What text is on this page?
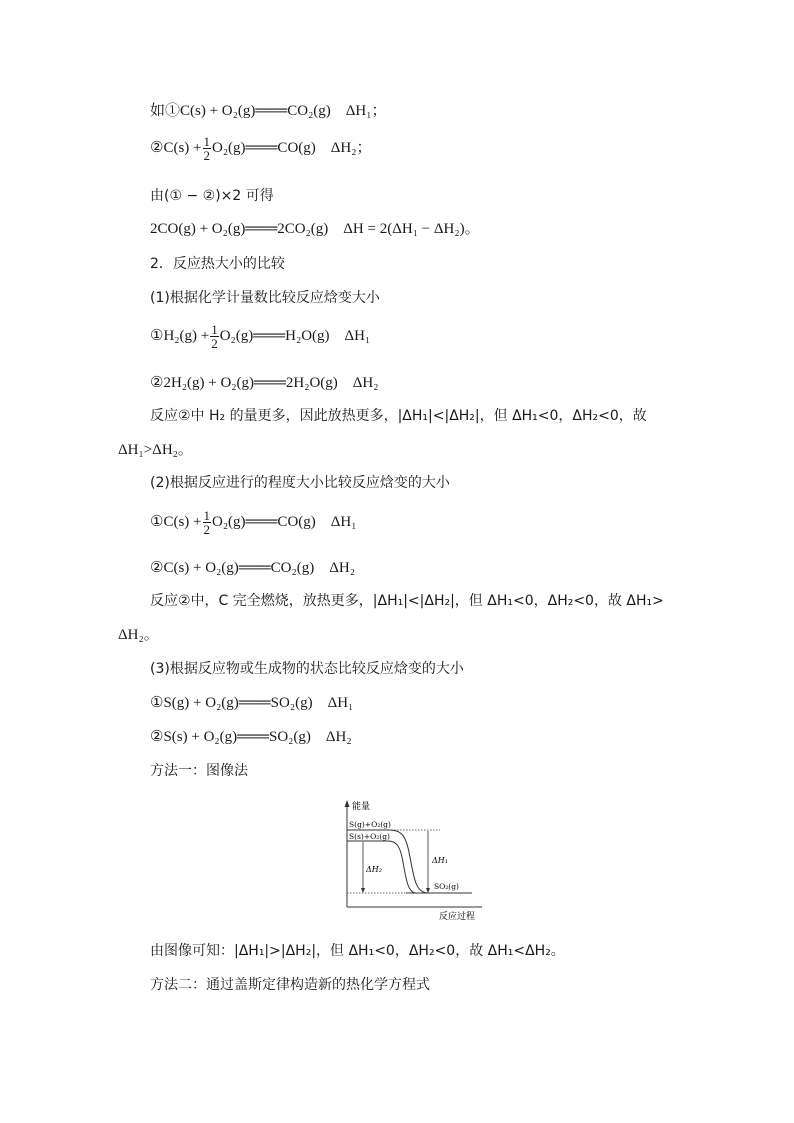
如①C(s) + O₂(g)═══CO₂(g)　ΔH₁；
②C(s) + $\frac{1}{2}$ O₂(g)═══CO(g)　ΔH₂；
由(① − ②)×2 可得
2CO(g) + O₂(g)═══2CO₂(g)　ΔH = 2(ΔH₁ − ΔH₂)。
2．反应热大小的比较
(1)根据化学计量数比较反应焓变大小
①H₂(g) + $\frac{1}{2}$ O₂(g)═══H₂O(g)　ΔH₁
②2H₂(g) + O₂(g)═══2H₂O(g)　ΔH₂
反应②中 H₂ 的量更多，因此放热更多，|ΔH₁|<|ΔH₂|，但 ΔH₁<0，ΔH₂<0，故
ΔH₁>ΔH₂。
(2)根据反应进行的程度大小比较反应焓变的大小
①C(s) + $\frac{1}{2}$ O₂(g)═══CO(g)　ΔH₁
②C(s) + O₂(g)═══CO₂(g)　ΔH₂
反应②中，C 完全燃烧，放热更多，|ΔH₁|<|ΔH₂|，但 ΔH₁<0，ΔH₂<0，故 ΔH₁>
ΔH₂。
(3)根据反应物或生成物的状态比较反应焓变的大小
①S(g) + O₂(g)═══SO₂(g)　ΔH₁
②S(s) + O₂(g)═══SO₂(g)　ΔH₂
方法一：图像法
能量
反应过程
S(g)+O₂(g)
S(s)+O₂(g)
SO₂(g)
ΔH₂
ΔH₁
由图像可知：|ΔH₁|>|ΔH₂|，但 ΔH₁<0，ΔH₂<0，故 ΔH₁<ΔH₂。
方法二：通过盖斯定律构造新的热化学方程式
